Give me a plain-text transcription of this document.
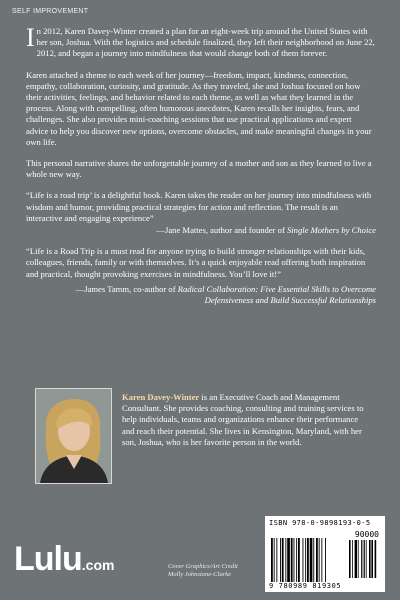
SELF IMPROVEMENT

In 2012, Karen Davey-Winter created a plan for an eight-week trip around the United States with her son, Joshua. With the logistics and schedule finalized, they left their neighborhood on June 22, 2012, and began a journey into mindfulness that would change both of them forever.

Karen attached a theme to each week of her journey—freedom, impact, kindness, connection, empathy, collaboration, curiosity, and gratitude. As they traveled, she and Joshua focused on how their activities, feelings, and behavior related to each theme, as well as what they learned in the process. Along with compelling, often humorous anecdotes, Karen recalls her insights, fears, and challenges. She also provides mini-coaching sessions that use practical applications and expert advice to help you discover new options, overcome obstacles, and make meaningful changes in your own life.

This personal narrative shares the unforgettable journey of a mother and son as they learned to live a whole new way.

“Life is a road trip’ is a delightful book. Karen takes the reader on her journey into mindfulness with wisdom and humor, providing practical strategies for action and reflection. The result is an interactive and engaging experience”
—Jane Mattes, author and founder of Single Mothers by Choice

“Life is a Road Trip is a must read for anyone trying to build stronger relationships with their kids, colleagues, friends, family or with themselves. It’s a quick enjoyable read offering both inspiration and practical, thought provoking exercises in mindfulness. You’ll love it!”
—James Tamm, co-author of Radical Collaboration: Five Essential Skills to Overcome Defensiveness and Build Successful Relationships

Karen Davey-Winter is an Executive Coach and Management Consultant. She provides coaching, consulting and training services to help individuals, teams and organizations enhance their performance and reach their potential. She lives in Kensington, Maryland, with her son, Joshua, who is her favorite person in the world.
Lulu.com	Cover Graphics/Art Credit
Molly Johnstone-Clarke
ISBN 978-0-9898193-0-5
90000
9 780989 819305
